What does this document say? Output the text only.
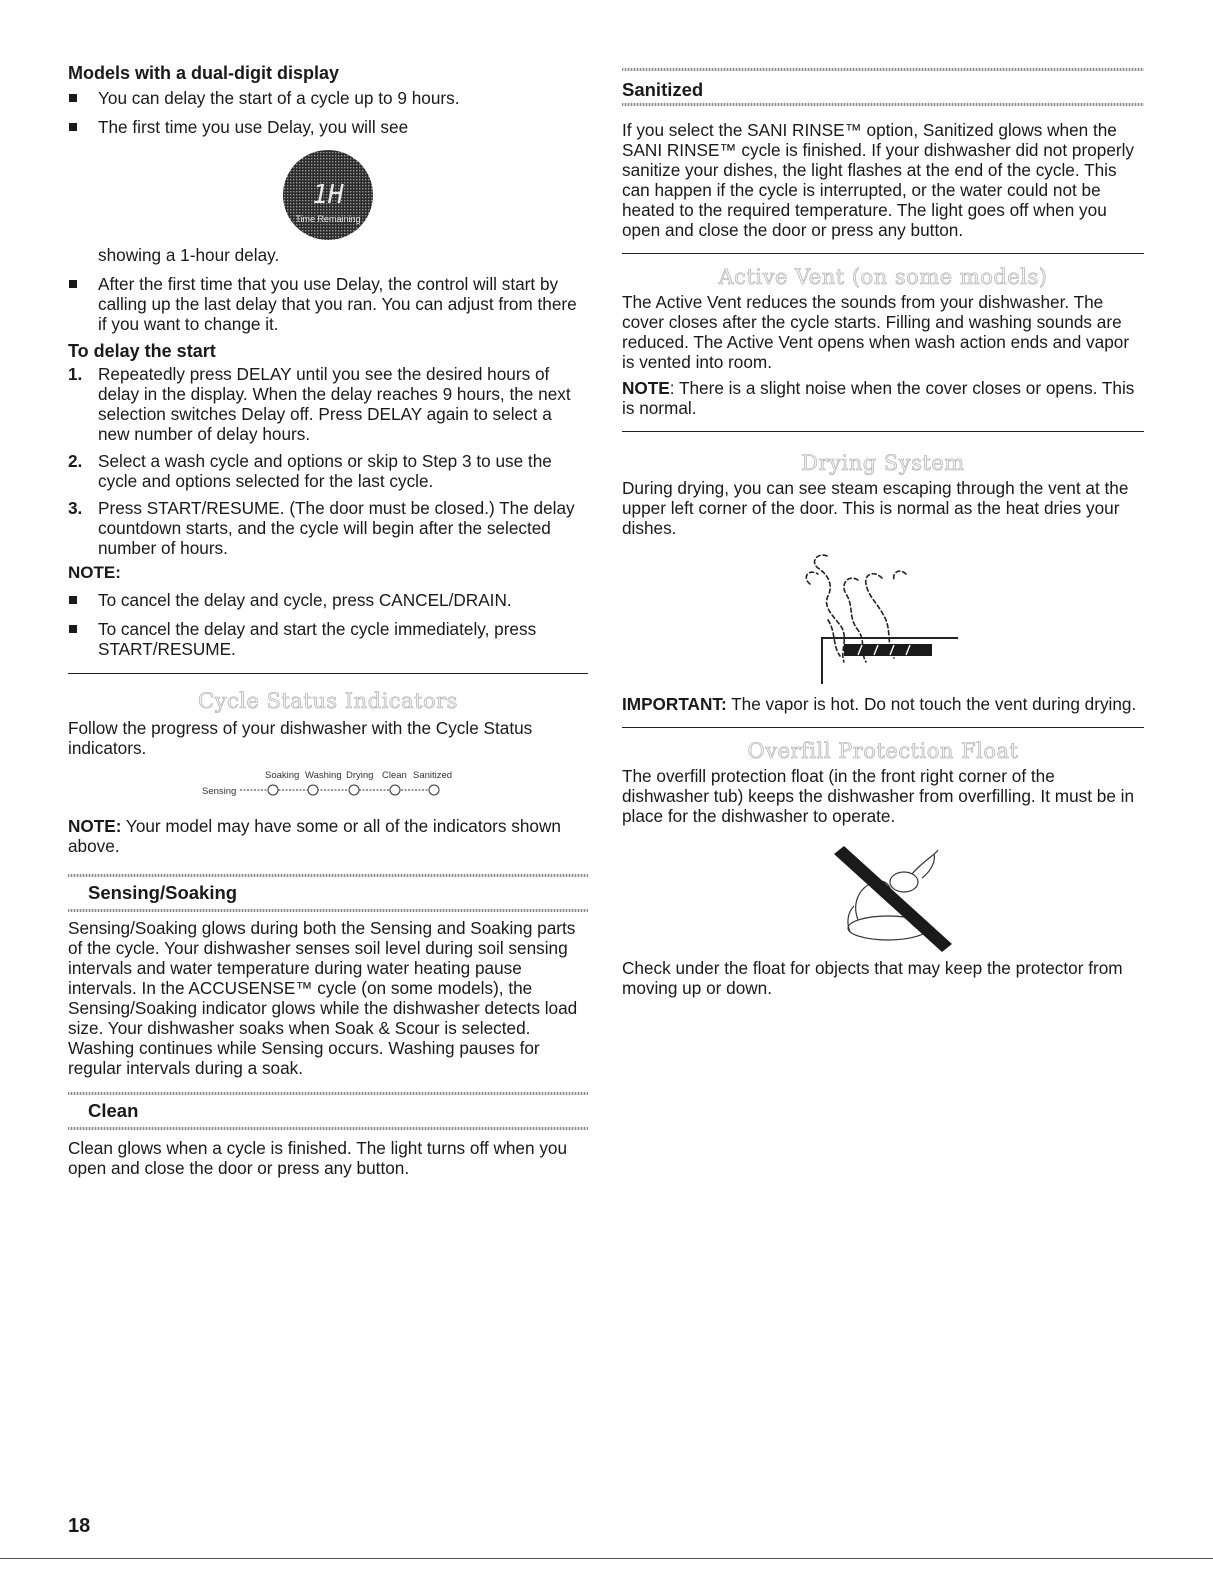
Models with a dual-digit display
You can delay the start of a cycle up to 9 hours.
The first time you use Delay, you will see
1H
Time Remaining
showing a 1-hour delay.
After the first time that you use Delay, the control will start by calling up the last delay that you ran. You can adjust from there if you want to change it.
To delay the start
1. Repeatedly press DELAY until you see the desired hours of delay in the display. When the delay reaches 9 hours, the next selection switches Delay off. Press DELAY again to select a new number of delay hours.
2. Select a wash cycle and options or skip to Step 3 to use the cycle and options selected for the last cycle.
3. Press START/RESUME. (The door must be closed.) The delay countdown starts, and the cycle will begin after the selected number of hours.
NOTE:
To cancel the delay and cycle, press CANCEL/DRAIN.
To cancel the delay and start the cycle immediately, press START/RESUME.
Cycle Status Indicators

Follow the progress of your dishwasher with the Cycle Status indicators.

Soaking Washing Drying Clean Sanitized
Sensing

NOTE: Your model may have some or all of the indicators shown above.

Sensing/Soaking

Sensing/Soaking glows during both the Sensing and Soaking parts of the cycle. Your dishwasher senses soil level during soil sensing intervals and water temperature during water heating pause intervals. In the ACCUSENSE™ cycle (on some models), the Sensing/Soaking indicator glows while the dishwasher detects load size. Your dishwasher soaks when Soak & Scour is selected. Washing continues while Sensing occurs. Washing pauses for regular intervals during a soak.

Clean

Clean glows when a cycle is finished. The light turns off when you open and close the door or press any button.

Sanitized

If you select the SANI RINSE™ option, Sanitized glows when the SANI RINSE™ cycle is finished. If your dishwasher did not properly sanitize your dishes, the light flashes at the end of the cycle. This can happen if the cycle is interrupted, or the water could not be heated to the required temperature. The light goes off when you open and close the door or press any button.

Active Vent (on some models)

The Active Vent reduces the sounds from your dishwasher. The cover closes after the cycle starts. Filling and washing sounds are reduced. The Active Vent opens when wash action ends and vapor is vented into room.

NOTE: There is a slight noise when the cover closes or opens. This is normal.

Drying System

During drying, you can see steam escaping through the vent at the upper left corner of the door. This is normal as the heat dries your dishes.

IMPORTANT: The vapor is hot. Do not touch the vent during drying.

Overfill Protection Float

The overfill protection float (in the front right corner of the dishwasher tub) keeps the dishwasher from overfilling. It must be in place for the dishwasher to operate.

Check under the float for objects that may keep the protector from moving up or down.

18
